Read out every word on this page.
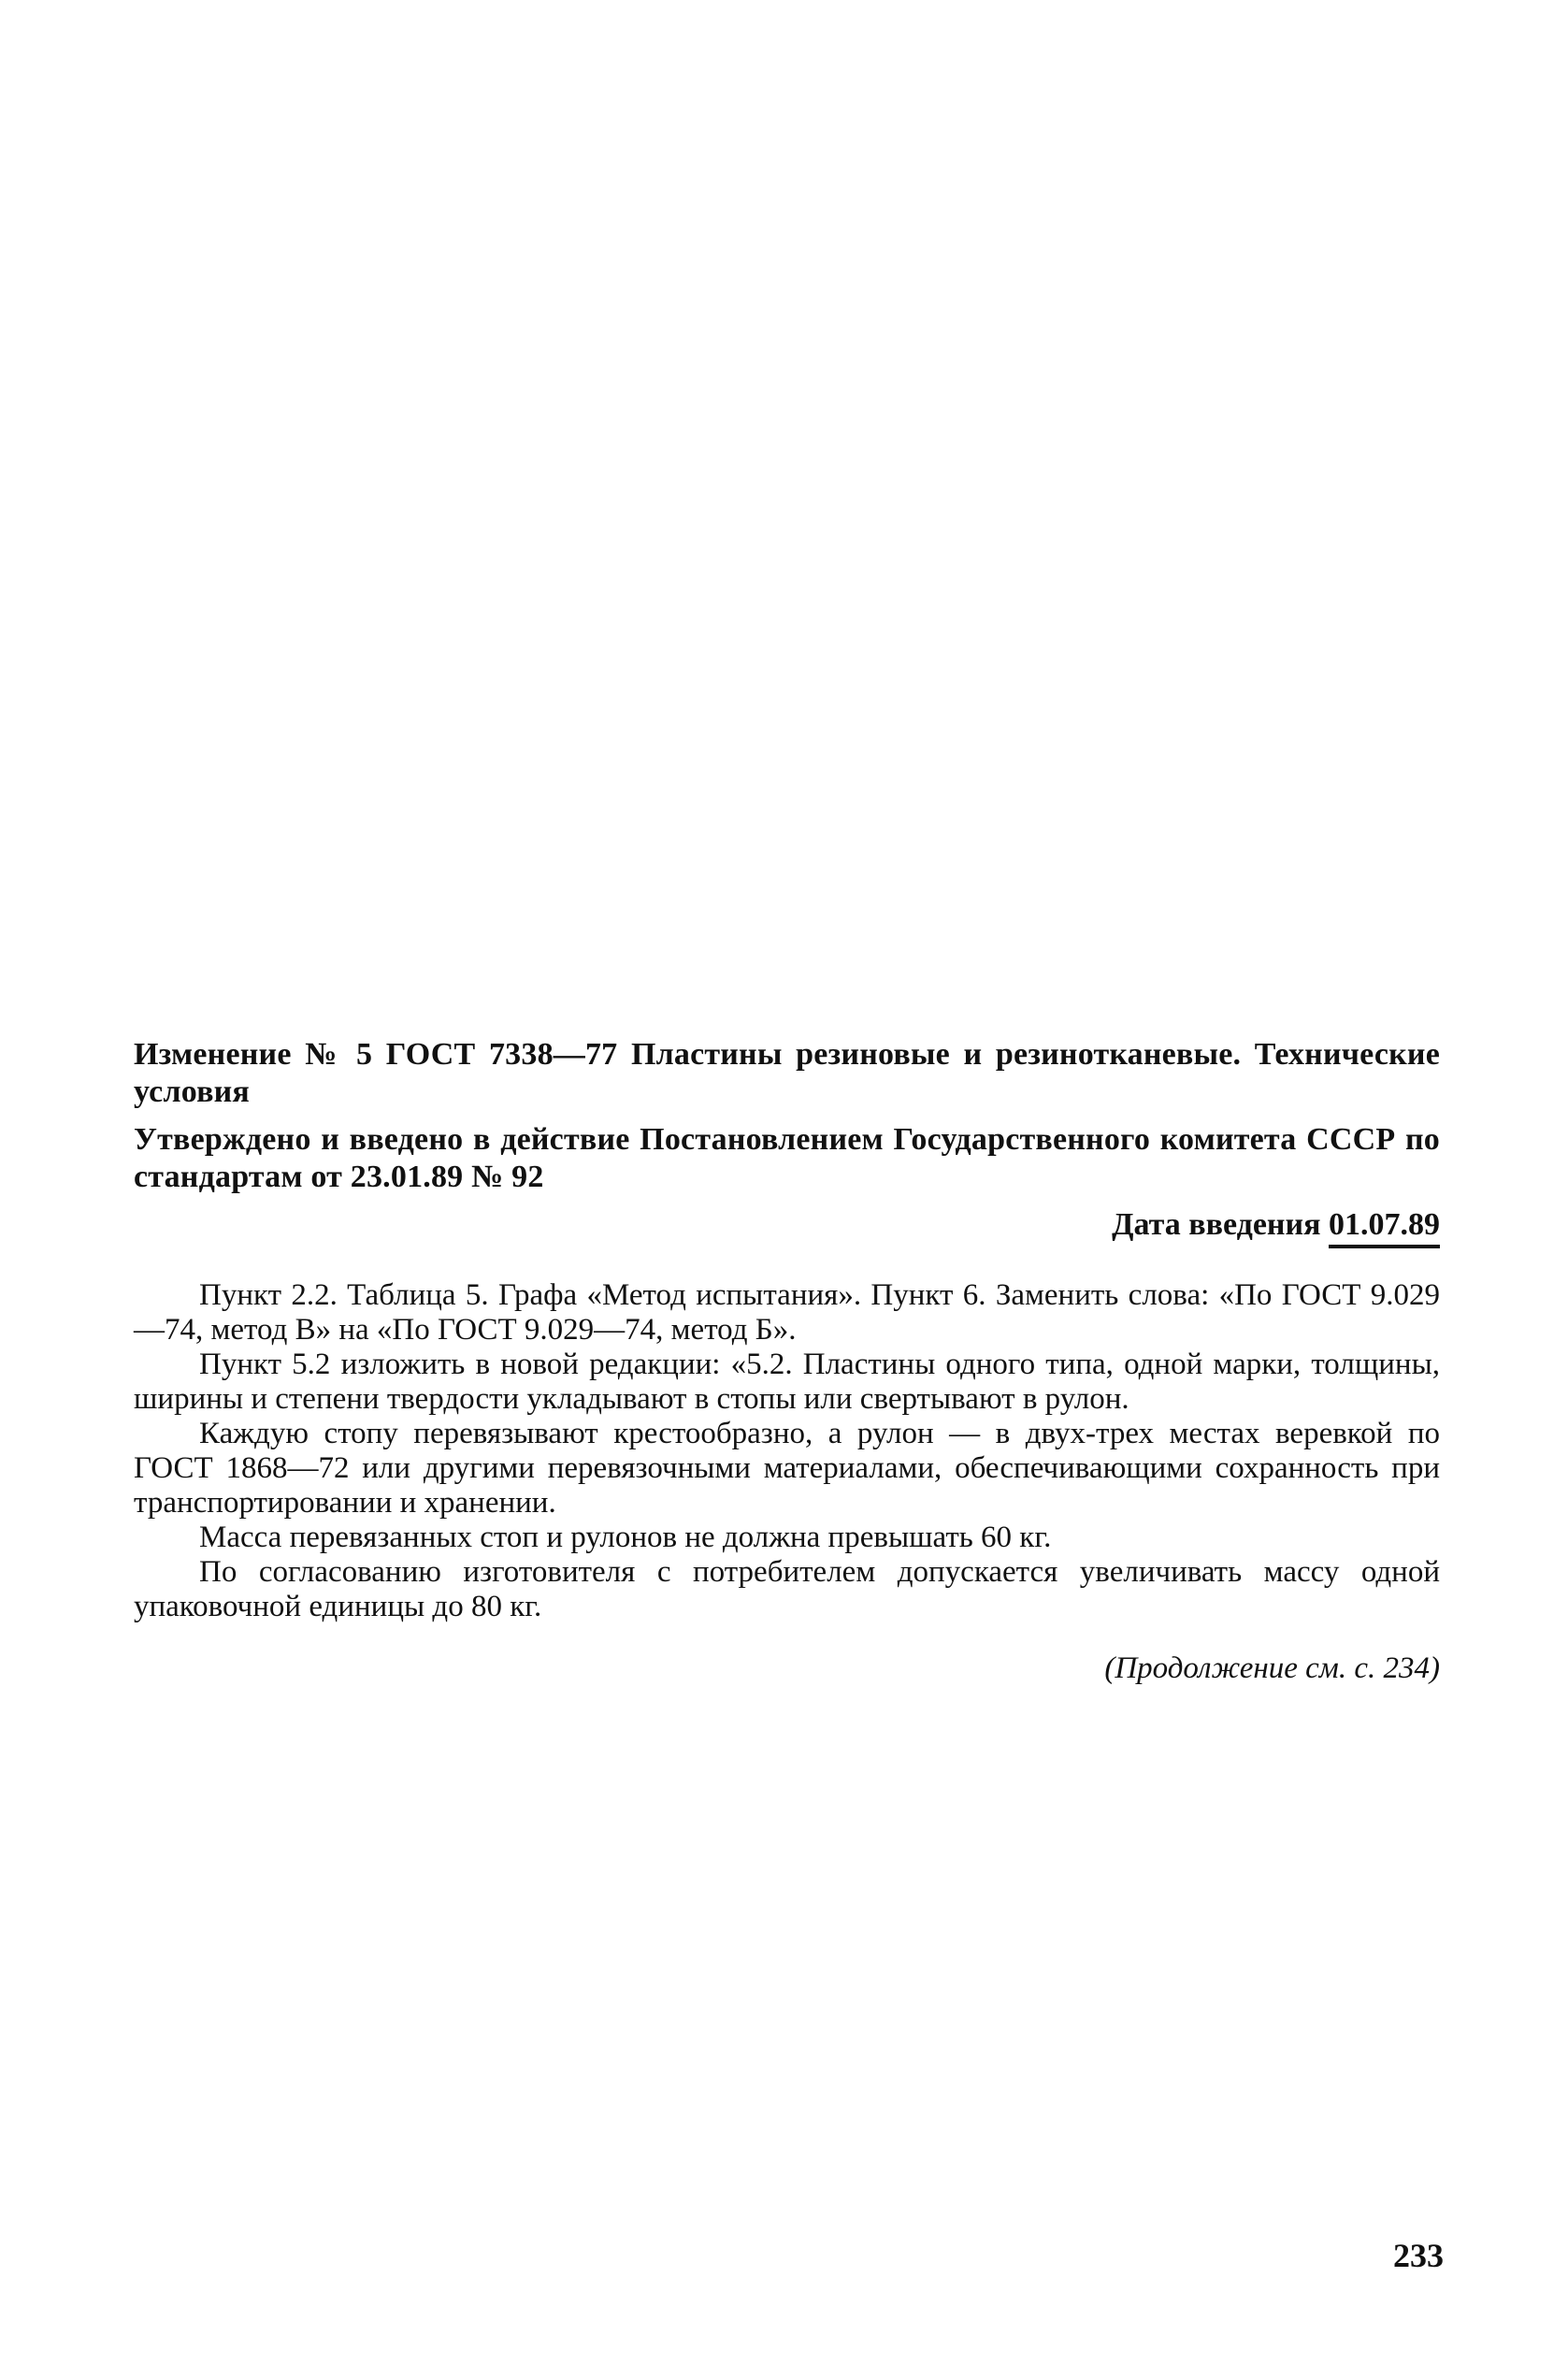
Изменение № 5 ГОСТ 7338—77 Пластины резиновые и резинотканевые. Технические условия

Утверждено и введено в действие Постановлением Государственного комитета СССР по стандартам от 23.01.89 № 92

Дата введения 01.07.89

Пункт 2.2. Таблица 5. Графа «Метод испытания». Пункт 6. Заменить слова: «По ГОСТ 9.029—74, метод В» на «По ГОСТ 9.029—74, метод Б».

Пункт 5.2 изложить в новой редакции: «5.2. Пластины одного типа, одной марки, толщины, ширины и степени твердости укладывают в стопы или свертывают в рулон.

Каждую стопу перевязывают крестообразно, а рулон — в двух-трех местах веревкой по ГОСТ 1868—72 или другими перевязочными материалами, обеспечивающими сохранность при транспортировании и хранении.

Масса перевязанных стоп и рулонов не должна превышать 60 кг.

По согласованию изготовителя с потребителем допускается увеличивать массу одной упаковочной единицы до 80 кг.

(Продолжение см. с. 234)
233
